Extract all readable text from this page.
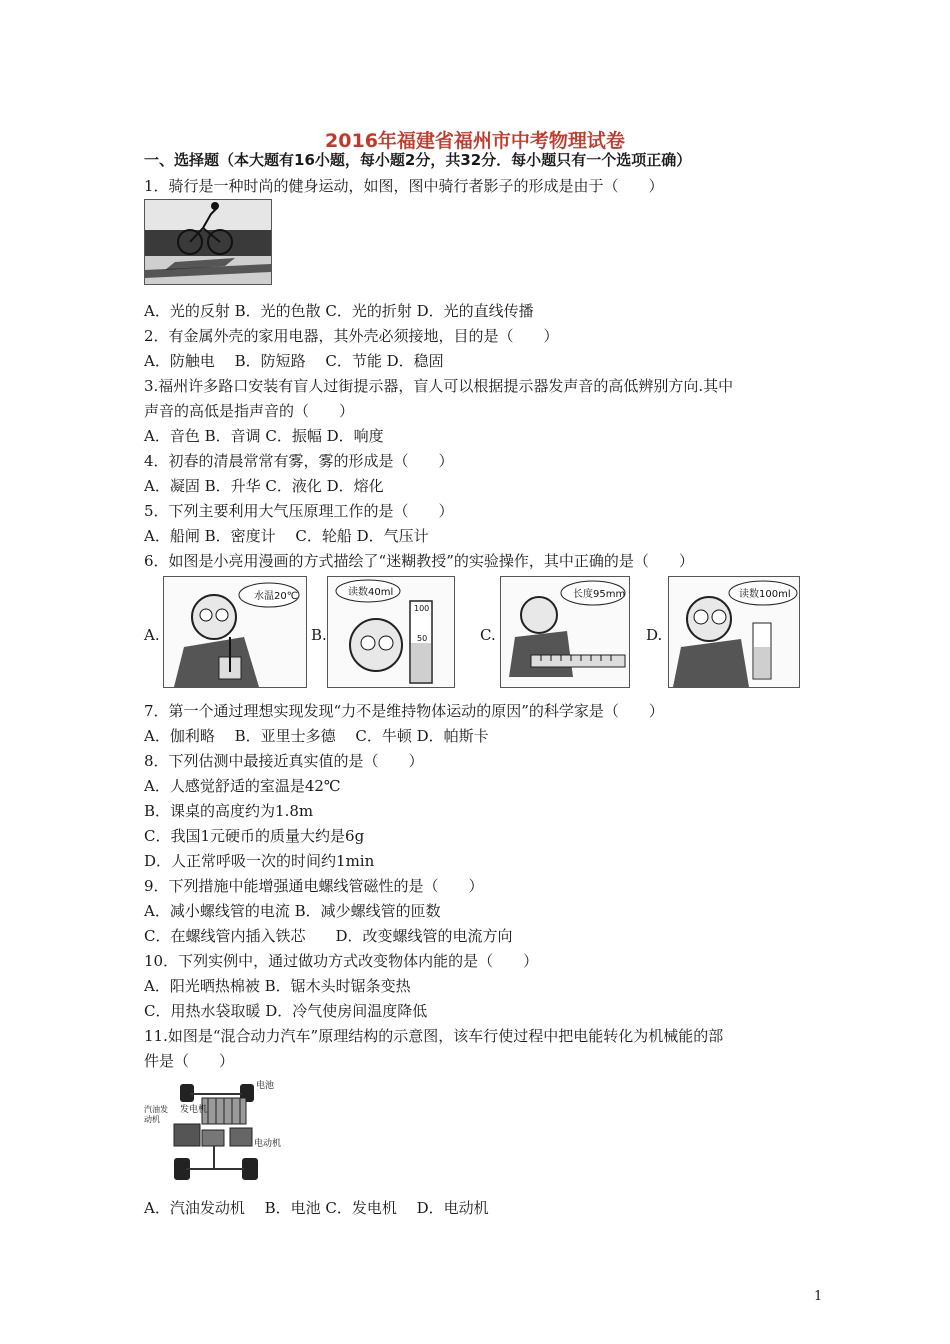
2016年福建省福州市中考物理试卷
一、选择题（本大题有16小题，每小题2分，共32分．每小题只有一个选项正确）
1．骑行是一种时尚的健身运动，如图，图中骑行者影子的形成是由于（　　）
A．光的反射 B．光的色散 C．光的折射 D．光的直线传播
2．有金属外壳的家用电器，其外壳必须接地，目的是（　　）
A．防触电　 B．防短路　 C．节能 D．稳固
3.福州许多路口安装有盲人过街提示器，盲人可以根据提示器发声音的高低辨别方向.其中
声音的高低是指声音的（　　）
A．音色 B．音调 C．振幅 D．响度
4．初春的清晨常常有雾，雾的形成是（　　）
A．凝固 B．升华 C．液化 D．熔化
5．下列主要利用大气压原理工作的是（　　）
A．船闸 B．密度计　 C．轮船 D．气压计
6．如图是小亮用漫画的方式描绘了“迷糊教授”的实验操作，其中正确的是（　　）
A.
水温20℃
B.
读数40ml
100
50	C.
长度95mm
D.
读数100ml
7．第一个通过理想实现发现“力不是维持物体运动的原因”的科学家是（　　）
A．伽利略　 B．亚里士多德　 C．牛顿 D．帕斯卡
8．下列估测中最接近真实值的是（　　）
A．人感觉舒适的室温是42℃
B．课桌的高度约为1.8m
C．我国1元硬币的质量大约是6g
D．人正常呼吸一次的时间约1min
9．下列措施中能增强通电螺线管磁性的是（　　）
A．减小螺线管的电流 B．减少螺线管的匝数
C．在螺线管内插入铁芯　　D．改变螺线管的电流方向
10．下列实例中，通过做功方式改变物体内能的是（　　）
A．阳光晒热棉被 B．锯木头时锯条变热
C．用热水袋取暖 D．冷气使房间温度降低
11.如图是“混合动力汽车”原理结构的示意图，该车行使过程中把电能转化为机械能的部
件是（　　）
电池
汽油发
动机
发电机
电动机
A．汽油发动机　 B．电池 C．发电机　 D．电动机
1
